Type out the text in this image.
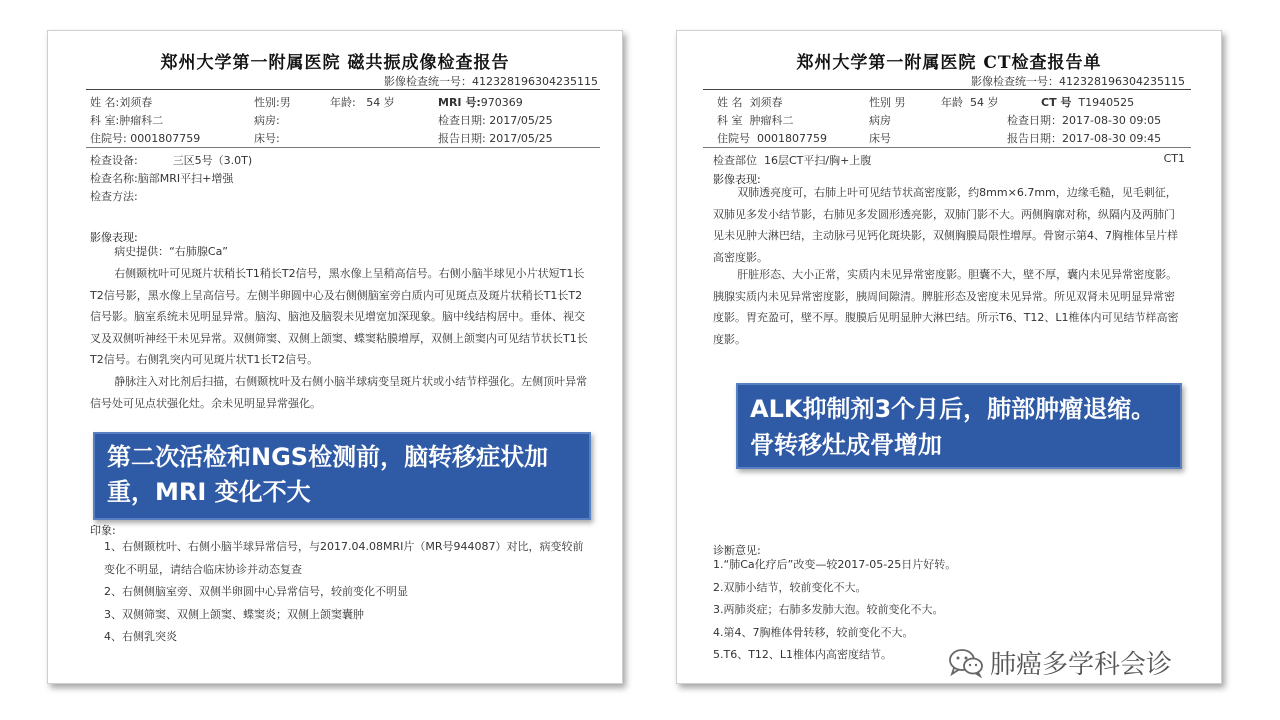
郑州大学第一附属医院 磁共振成像检查报告
影像检查统一号：412328196304235115
姓 名:刘须春	性别:男	年龄: 54 岁	MRI 号:970369
科 室:肿瘤科二	病房:	检查日期: 2017/05/25
住院号: 0001807759	床号:	报告日期: 2017/05/25
检查设备:	三区5号（3.0T)
检查名称:脑部MRI平扫+增强
检查方法:
影像表现:

病史提供：“右肺腺Ca”

右侧颞枕叶可见斑片状稍长T1稍长T2信号，黑水像上呈稍高信号。右侧小脑半球见小片状短T1长T2信号影，黑水像上呈高信号。左侧半卵圆中心及右侧侧脑室旁白质内可见斑点及斑片状稍长T1长T2信号影。脑室系统未见明显异常。脑沟、脑池及脑裂未见增宽加深现象。脑中线结构居中。垂体、视交叉及双侧听神经干未见异常。双侧筛窦、双侧上颌窦、蝶窦粘膜增厚，双侧上颌窦内可见结节状长T1长T2信号。右侧乳突内可见斑片状T1长T2信号。

静脉注入对比剂后扫描，右侧颞枕叶及右侧小脑半球病变呈斑片状或小结节样强化。左侧顶叶异常信号处可见点状强化灶。余未见明显异常强化。

印象:
1、右侧颞枕叶、右侧小脑半球异常信号，与2017.04.08MRI片（MR号944087）对比，病变较前变化不明显，请结合临床协诊并动态复查
2、右侧侧脑室旁、双侧半卵圆中心异常信号，较前变化不明显
3、双侧筛窦、双侧上颌窦、蝶窦炎；双侧上颌窦囊肿
4、右侧乳突炎
郑州大学第一附属医院 CT检查报告单
影像检查统一号：412328196304235115
姓 名 刘须春	性别 男	年龄 54 岁	CT 号 T1940525
科 室 肿瘤科二	病房	检查日期：2017-08-30 09:05
住院号 0001807759	床号	报告日期：2017-08-30 09:45
检查部位 16层CT平扫/胸+上腹	CT1
影像表现:

双肺透亮度可，右肺上叶可见结节状高密度影，约8mm×6.7mm，边缘毛糙，见毛刺征，双肺见多发小结节影，右肺见多发圆形透亮影，双肺门影不大。两侧胸廓对称，纵隔内及两肺门见未见肿大淋巴结，主动脉弓见钙化斑块影，双侧胸膜局限性增厚。骨窗示第4、7胸椎体呈片样高密度影。

肝脏形态、大小正常，实质内未见异常密度影。胆囊不大，壁不厚，囊内未见异常密度影。胰腺实质内未见异常密度影，胰周间隙清。脾脏形态及密度未见异常。所见双肾未见明显异常密度影。胃充盈可，壁不厚。腹膜后见明显肿大淋巴结。所示T6、T12、L1椎体内可见结节样高密度影。

诊断意见:
1.“肺Ca化疗后”改变—较2017-05-25日片好转。
2.双肺小结节，较前变化不大。
3.两肺炎症；右肺多发肺大泡。较前变化不大。
4.第4、7胸椎体骨转移，较前变化不大。
5.T6、T12、L1椎体内高密度结节。
第二次活检和NGS检测前，脑转移症状加重，MRI 变化不大
ALK抑制剂3个月后，肺部肿瘤退缩。骨转移灶成骨增加
肺癌多学科会诊
